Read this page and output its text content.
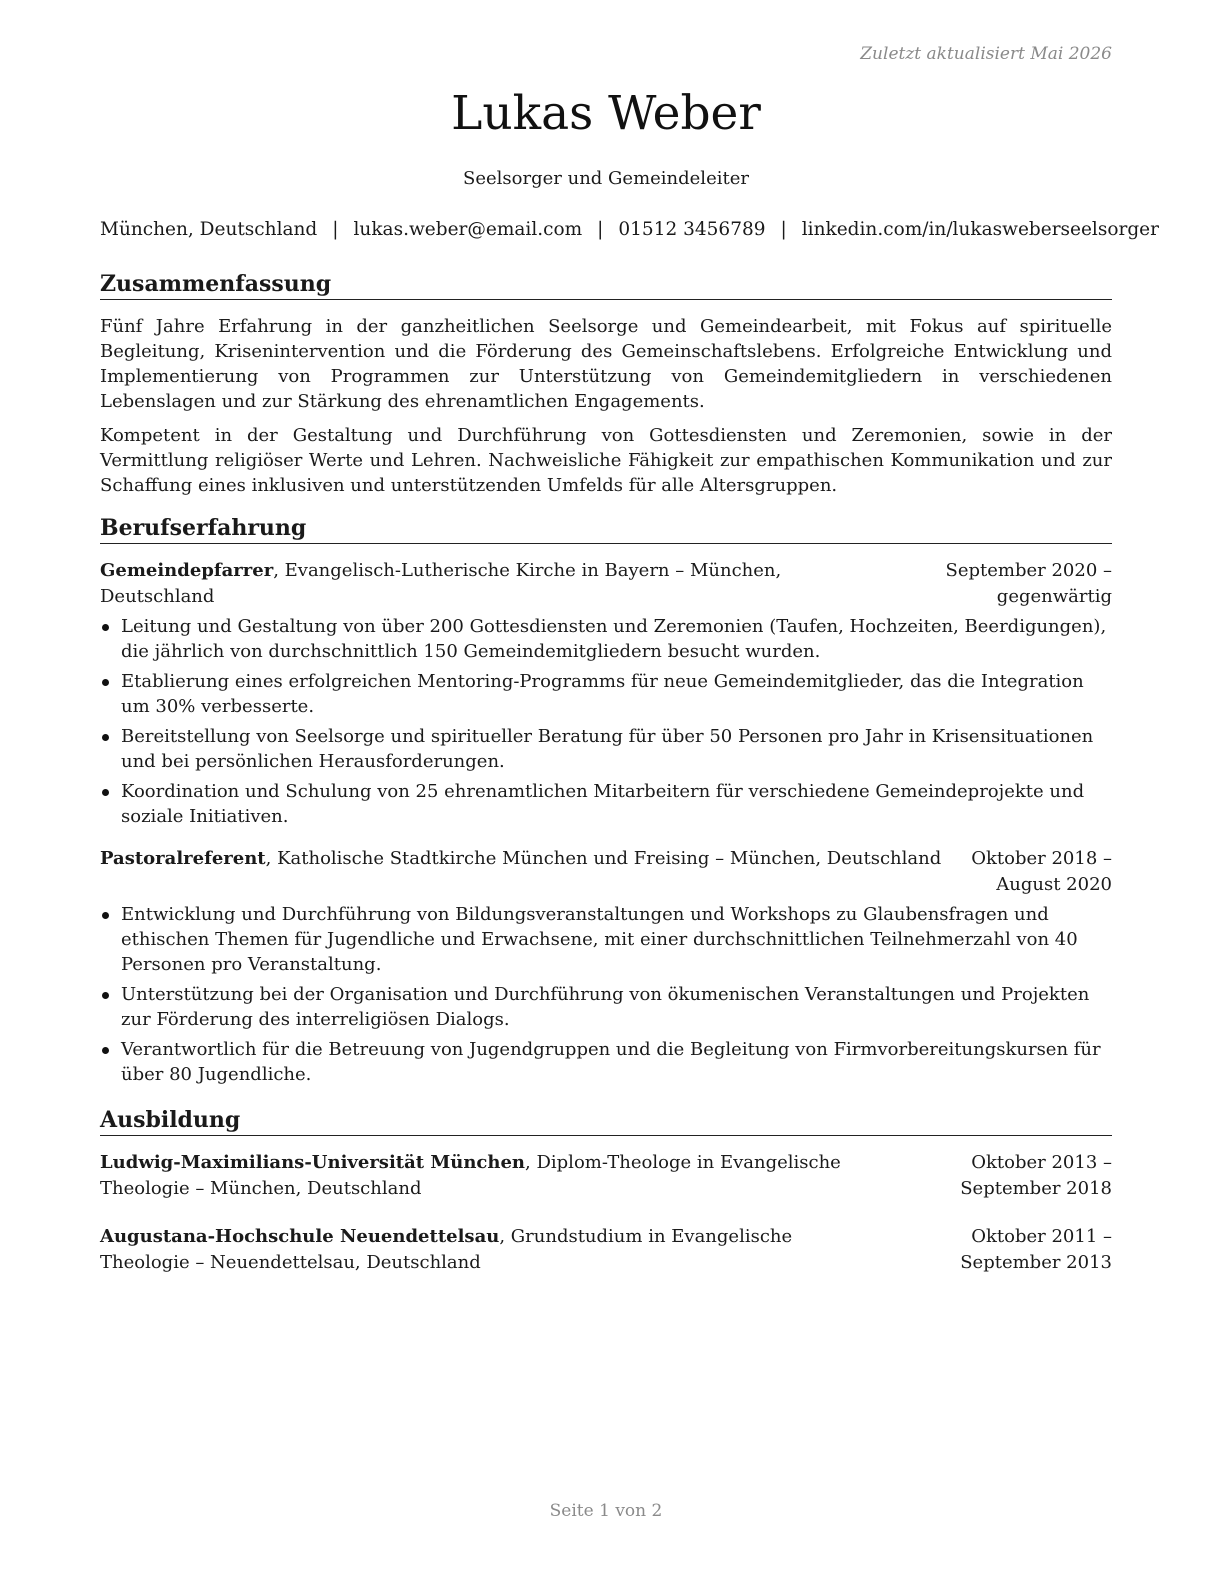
Zuletzt aktualisiert Mai 2026
Lukas Weber
Seelsorger und Gemeindeleiter
München, Deutschland | lukas.weber@email.com | 01512 3456789 | linkedin.com/in/lukasweberseelsorger
Zusammenfassung

Fünf Jahre Erfahrung in der ganzheitlichen Seelsorge und Gemeindearbeit, mit Fokus auf spirituelle Begleitung, Krisenintervention und die Förderung des Gemeinschaftslebens. Erfolgreiche Entwicklung und Implementierung von Programmen zur Unterstützung von Gemeindemitgliedern in verschiedenen Lebenslagen und zur Stärkung des ehrenamtlichen Engagements.

Kompetent in der Gestaltung und Durchführung von Gottesdiensten und Zeremonien, sowie in der Vermittlung religiöser Werte und Lehren. Nachweisliche Fähigkeit zur empathischen Kommunikation und zur Schaffung eines inklusiven und unterstützenden Umfelds für alle Altersgruppen.

Berufserfahrung
Gemeindepfarrer, Evangelisch-Lutherische Kirche in Bayern – München, Deutschland
September 2020 – gegenwärtig
Leitung und Gestaltung von über 200 Gottesdiensten und Zeremonien (Taufen, Hochzeiten, Beerdigungen), die jährlich von durchschnittlich 150 Gemeindemitgliedern besucht wurden.
Etablierung eines erfolgreichen Mentoring-Programms für neue Gemeindemitglieder, das die Integration um 30% verbesserte.
Bereitstellung von Seelsorge und spiritueller Beratung für über 50 Personen pro Jahr in Krisensituationen und bei persönlichen Herausforderungen.
Koordination und Schulung von 25 ehrenamtlichen Mitarbeitern für verschiedene Gemeindeprojekte und soziale Initiativen.
Pastoralreferent, Katholische Stadtkirche München und Freising – München, Deutschland	Oktober 2018 – August 2020
Entwicklung und Durchführung von Bildungsveranstaltungen und Workshops zu Glaubensfragen und ethischen Themen für Jugendliche und Erwachsene, mit einer durchschnittlichen Teilnehmerzahl von 40 Personen pro Veranstaltung.
Unterstützung bei der Organisation und Durchführung von ökumenischen Veranstaltungen und Projekten zur Förderung des interreligiösen Dialogs.
Verantwortlich für die Betreuung von Jugendgruppen und die Begleitung von Firmvorbereitungskursen für über 80 Jugendliche.
Ausbildung
Ludwig-Maximilians-Universität München, Diplom-Theologe in Evangelische Theologie – München, Deutschland
Oktober 2013 – September 2018
Augustana-Hochschule Neuendettelsau, Grundstudium in Evangelische Theologie – Neuendettelsau, Deutschland
Oktober 2011 – September 2013
Seite 1 von 2
